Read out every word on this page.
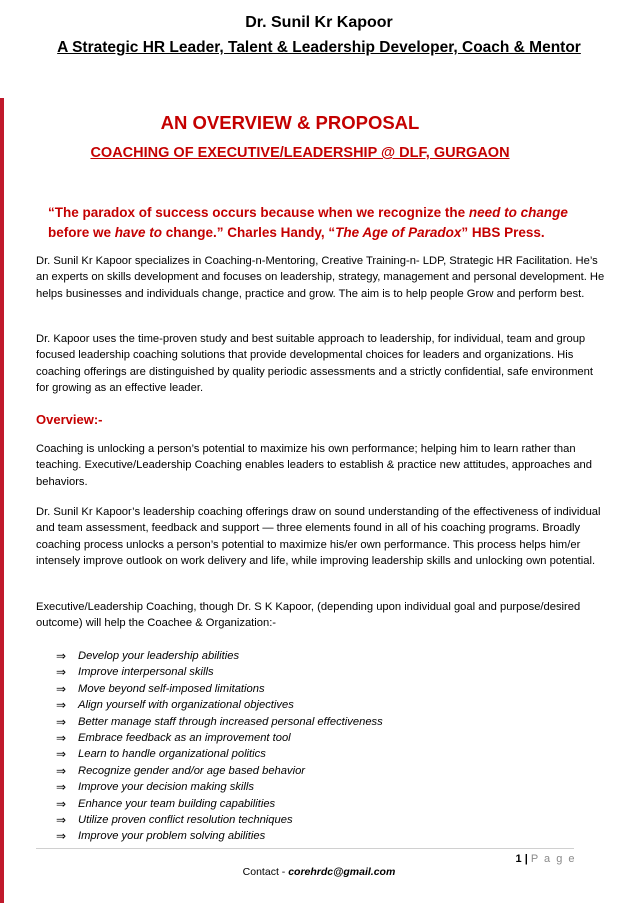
Dr. Sunil Kr Kapoor
A Strategic HR Leader, Talent & Leadership Developer, Coach & Mentor
AN OVERVIEW & PROPOSAL
COACHING OF EXECUTIVE/LEADERSHIP @ DLF, GURGAON
“The paradox of success occurs because when we recognize the need to change before we have to change.” Charles Handy, “The Age of Paradox” HBS Press.
Dr. Sunil Kr Kapoor specializes in Coaching-n-Mentoring, Creative Training-n- LDP, Strategic HR Facilitation. He’s an experts on skills development and focuses on leadership, strategy, management and personal development. He helps businesses and individuals change, practice and grow. The aim is to help people Grow and perform best.
Dr. Kapoor uses the time-proven study and best suitable approach to leadership, for individual, team and group focused leadership coaching solutions that provide developmental choices for leaders and organizations. His coaching offerings are distinguished by quality periodic assessments and a strictly confidential, safe environment for growing as an effective leader.
Overview:-
Coaching is unlocking a person’s potential to maximize his own performance; helping him to learn rather than teaching. Executive/Leadership Coaching enables leaders to establish & practice new attitudes, approaches and behaviors.
Dr. Sunil Kr Kapoor’s leadership coaching offerings draw on sound understanding of the effectiveness of individual and team assessment, feedback and support — three elements found in all of his coaching programs. Broadly coaching process unlocks a person’s potential to maximize his/er own performance. This process helps him/er intensely improve outlook on work delivery and life, while improving leadership skills and unlocking own potential.
Executive/Leadership Coaching, though Dr. S K Kapoor, (depending upon individual goal and purpose/desired outcome) will help the Coachee & Organization:-
⇒	Develop your leadership abilities
⇒	Improve interpersonal skills
⇒	Move beyond self-imposed limitations
⇒	Align yourself with organizational objectives
⇒	Better manage staff through increased personal effectiveness
⇒	Embrace feedback as an improvement tool
⇒	Learn to handle organizational politics
⇒	Recognize gender and/or age based behavior
⇒	Improve your decision making skills
⇒	Enhance your team building capabilities
⇒	Utilize proven conflict resolution techniques
⇒	Improve your problem solving abilities
1 | P a g e
Contact - corehrdc@gmail.com
